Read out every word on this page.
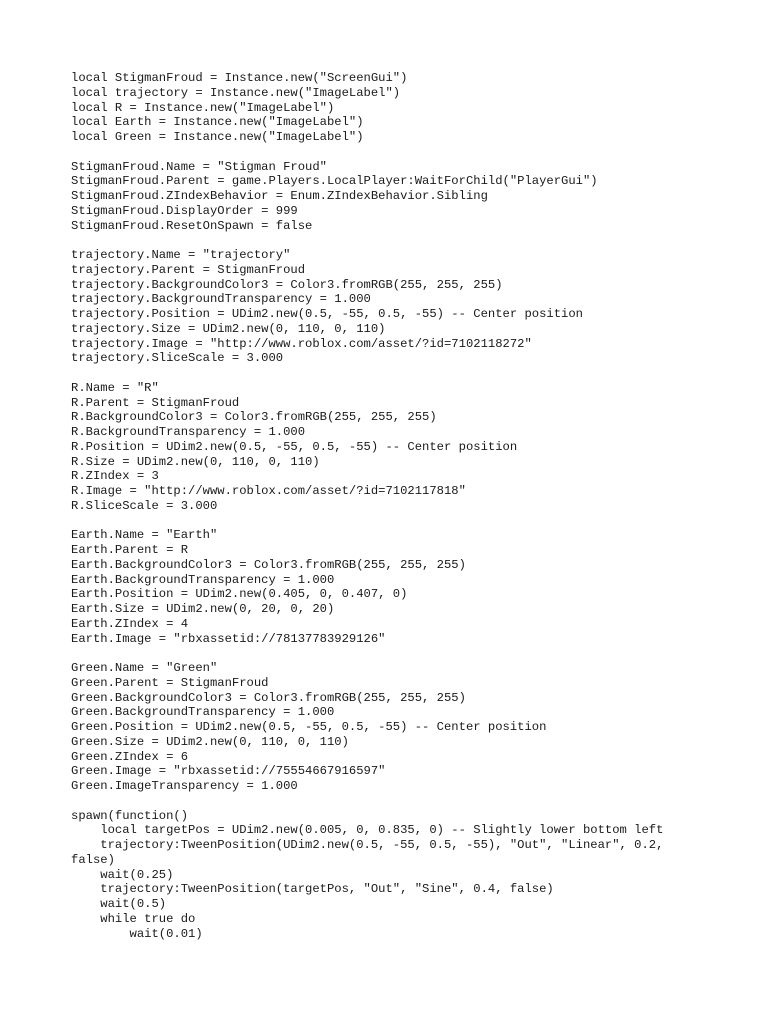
local StigmanFroud = Instance.new("ScreenGui")
local trajectory = Instance.new("ImageLabel")
local R = Instance.new("ImageLabel")
local Earth = Instance.new("ImageLabel")
local Green = Instance.new("ImageLabel")
StigmanFroud.Name = "Stigman Froud"
StigmanFroud.Parent = game.Players.LocalPlayer:WaitForChild("PlayerGui")
StigmanFroud.ZIndexBehavior = Enum.ZIndexBehavior.Sibling
StigmanFroud.DisplayOrder = 999
StigmanFroud.ResetOnSpawn = false
trajectory.Name = "trajectory"
trajectory.Parent = StigmanFroud
trajectory.BackgroundColor3 = Color3.fromRGB(255, 255, 255)
trajectory.BackgroundTransparency = 1.000
trajectory.Position = UDim2.new(0.5, -55, 0.5, -55) -- Center position
trajectory.Size = UDim2.new(0, 110, 0, 110)
trajectory.Image = "http://www.roblox.com/asset/?id=7102118272"
trajectory.SliceScale = 3.000
R.Name = "R"
R.Parent = StigmanFroud
R.BackgroundColor3 = Color3.fromRGB(255, 255, 255)
R.BackgroundTransparency = 1.000
R.Position = UDim2.new(0.5, -55, 0.5, -55) -- Center position
R.Size = UDim2.new(0, 110, 0, 110)
R.ZIndex = 3
R.Image = "http://www.roblox.com/asset/?id=7102117818"
R.SliceScale = 3.000
Earth.Name = "Earth"
Earth.Parent = R
Earth.BackgroundColor3 = Color3.fromRGB(255, 255, 255)
Earth.BackgroundTransparency = 1.000
Earth.Position = UDim2.new(0.405, 0, 0.407, 0)
Earth.Size = UDim2.new(0, 20, 0, 20)
Earth.ZIndex = 4
Earth.Image = "rbxassetid://78137783929126"
Green.Name = "Green"
Green.Parent = StigmanFroud
Green.BackgroundColor3 = Color3.fromRGB(255, 255, 255)
Green.BackgroundTransparency = 1.000
Green.Position = UDim2.new(0.5, -55, 0.5, -55) -- Center position
Green.Size = UDim2.new(0, 110, 0, 110)
Green.ZIndex = 6
Green.Image = "rbxassetid://75554667916597"
Green.ImageTransparency = 1.000
spawn(function()
local targetPos = UDim2.new(0.005, 0, 0.835, 0) -- Slightly lower bottom left
trajectory:TweenPosition(UDim2.new(0.5, -55, 0.5, -55), "Out", "Linear", 0.2,
false)
wait(0.25)
trajectory:TweenPosition(targetPos, "Out", "Sine", 0.4, false)
wait(0.5)
while true do
wait(0.01)
